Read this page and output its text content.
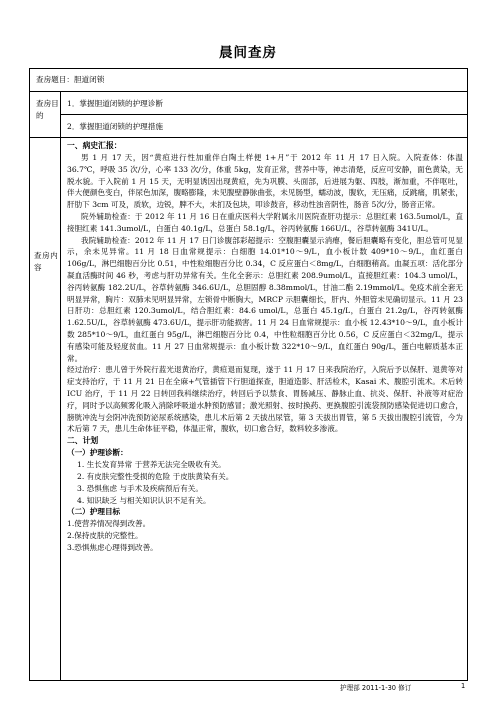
晨间查房
查房题目：胆道闭锁
查房目的
1．掌握胆道闭锁的护理诊断
2．掌握胆道闭锁的护理措施
查房内容

一、病史汇报：

男 1 月 17 天，因“黄疸进行性加重伴白陶土样便 1+月”于 2012 年 11 月 17 日入院。入院查体：体温 36.7℃，呼吸 35 次/分，心率 133 次/分，体重 5kg，发育正常，营养中等，神志清楚，反应可安静，面色黄染，无脱水貌。于入院前 1 月 15 天，无明显诱因出现黄疸，先为巩膜、头面部，后进展为躯、四肢，渐加重，不伴呕吐，伴大便颜色变白，伴尿色加深，腹略膨隆，未见腹壁静脉曲张，未见肠型，蠕动波，腹软，无压痛，反跳痛，肌紧张，肝肋下 3cm 可及，质软，边锐，脾不大，未扪及包块，叩诊鼓音，移动性浊音阴性，肠音 5次/分，肠音正常。

院外辅助检查：于 2012 年 11 月 16 日在重庆医科大学附属永川医院查肝功提示：总胆红素 163.5umol/L，直接胆红素 141.3umol/L，白蛋白 40.1g/L，总蛋白 58.1g/L，谷丙转氨酶 166U/L，谷草转氨酶 341U/L。

我院辅助检查：2012 年 11 月 17 日门诊腹部彩超提示：空腹胆囊显示消瘪，餐后胆囊略有变化，胆总管可见显示，余未见异常。11 月 18 日血常规提示：白细胞 14.01*10～9/L，血小板计数 409*10～9/L，血红蛋白 106g/L，淋巴细胞百分比 0.51，中性粒细胞百分比 0.34，C 反应蛋白＜8mg/L，白细胞稍高。血凝五项：活化部分凝血活酶时间 46 秒，考虑与肝功异常有关。生化全套示：总胆红素 208.9umol/L，直接胆红素：104.3 umol/L，谷丙转氨酶 182.2U/L，谷草转氨酶 346.6U/L，总胆固醇 8.38mmol/L，甘油二酯 2.19mmol/L。免疫术前全套无明显异常，胸片：双肺未见明显异常，左锁骨中断胸大，MRCP 示胆囊细长，肝内、外胆管未见确切显示。11 月 23 日肝功：总胆红素 120.3umol/L，结合胆红素：84.6 umol/L，总蛋白 45.1g/L，白蛋白 21.2g/L，谷丙转氨酶 1.62.5U/L，谷草转氨酶 473.6U/L，提示肝功能损害。11 月 24 日血常规提示：血小板 12.43*10～9/L，血小板计数 285*10～9/L，血红蛋白 95g/L，淋巴细胞百分比 0.4，中性粒细胞百分比 0.56，C 反应蛋白＜32mg/L，提示有感染可能及轻度贫血。11 月 27 日血常规提示：血小板计数 322*10～9/L，血红蛋白 90g/L，蛋白电解质基本正常。

经过治疗：患儿曾于外院行蓝光退黄治疗，黄疸退而复现，遂于 11 月 17 日来我院治疗，入院后予以保肝、退黄等对症支持治疗，于 11 月 21 日在全麻+气管插管下行胆道探查，胆道造影、肝活检术，Kasai 术、腹腔引流术。术后转 ICU 治疗，于 11 月 22 日转回我科继续治疗，转回后予以禁食、胃肠减压、静脉止血、抗炎、保肝、补液等对症治疗，同时予以高频雾化吸入消除呼吸道水肿预防感冒；激光照射、按时换药、更换腹腔引流袋预防感染促进切口愈合，膀胱冲洗与会阴冲洗预防泌尿系统感染，患儿术后第 2 天拔出尿管，第 3 天拔出胃管，第 5 天拔出腹腔引流管，今为术后第 7 天，患儿生命体征平稳，体温正常，腹软，切口愈合好，数料较多渗液。

二、计划

（一）护理诊断：

1. 生长发育异常 于营养无法完全吸收有关。

2. 有皮肤完整性受损的危险 于皮肤黄染有关。

3. 恐惧焦虑 与手术及疾病预后有关。

4. 知识缺乏 与相关知识认识不足有关。

（二）护理目标

1.使营养情况得到改善。

2.保持皮肤的完整性。

3.恐惧焦虑心理得到改善。

护理部 2011-1-30 修订	1
